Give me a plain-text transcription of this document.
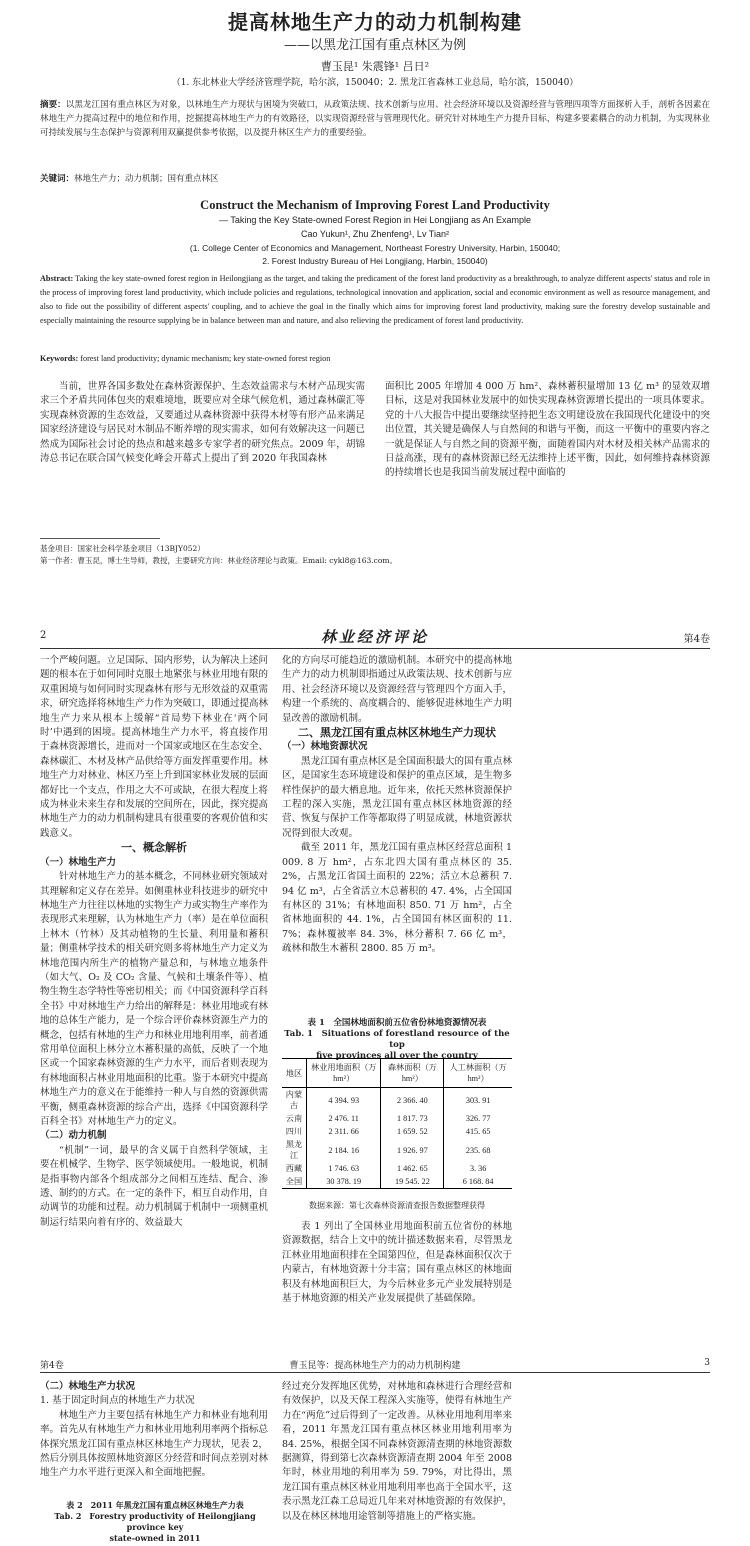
提高林地生产力的动力机制构建
——以黑龙江国有重点林区为例
曹玉昆¹ 朱震锋¹ 吕日²
（1. 东北林业大学经济管理学院，哈尔滨，150040；2. 黑龙江省森林工业总局，哈尔滨，150040）
摘要：以黑龙江国有重点林区为对象，以林地生产力现状与困境为突破口，从政策法规、技术创新与应用、社会经济环境以及资源经营与管理四项等方面探析入手，剖析各因素在林地生产力提高过程中的地位和作用，挖掘提高林地生产力的有效路径，以实现资源经营与管理现代化。研究针对林地生产力提升目标，构建多要素耦合的动力机制，为实现林业可持续发展与生态保护与资源利用双赢提供参考依据，以及提升林区生产力的重要经验。
关键词：林地生产力；动力机制；国有重点林区
Construct the Mechanism of Improving Forest Land Productivity
— Taking the Key State-owned Forest Region in Hei Longjiang as An Example
Cao Yukun¹, Zhu Zhenfeng¹, Lv Tian²
(1. College Center of Economics and Management, Northeast Forestry University, Harbin, 150040;
2. Forest Industry Bureau of Hei Longjiang, Harbin, 150040)
Abstract: Taking the key state-owned forest region in Heilongjiang as the target, and taking the predicament of the forest land productivity as a breakthrough, to analyze different aspects' status and role in the process of improving forest land productivity, which include policies and regulations, technological innovation and application, social and economic environment as well as resource management, and also to fide out the possibility of different aspects' coupling, and to achieve the goal in the finally which aims for improving forest land productivity, making sure the forestry develop sustainable and especially maintaining the resource supplying be in balance between man and nature, and also relieving the predicament of forest land productivity.
Keywords: forest land productivity; dynamic mechanism; key state-owned forest region

当前，世界各国多数处在森林资源保护、生态效益需求与木材产品现实需求三个矛盾共同体包夹的艰难境地，既要应对全球气候危机，通过森林碳汇等实现森林资源的生态效益，又要通过从森林资源中获得木材等有形产品来满足国家经济建设与居民对木制品不断养增的现实需求，如何有效解决这一问题已然成为国际社会讨论的热点和越来越多专家学者的研究焦点。2009 年，胡锦涛总书记在联合国气候变化峰会开幕式上提出了到 2020 年我国森林

面积比 2005 年增加 4 000 万 hm²、森林蓄积量增加 13 亿 m³ 的显效双增目标，这是对我国林业发展中的如快实现森林资源增长提出的一项具体要求。党的十八大报告中提出要继续坚持把生态文明建设放在我国现代化建设中的突出位置，其关键是确保人与自然间的和谐与平衡，而这一平衡中的重要内容之一就是保证人与自然之间的资源平衡，面随着国内对木材及相关林产品需求的日益高涨，现有的森林资源已经无法维持上述平衡，因此，如何维持森林资源的持续增长也是我国当前发展过程中面临的

基金项目：国家社会科学基金项目（13BJY052）
第一作者：曹玉昆，博士生导师，教授，主要研究方向：林业经济理论与政策。Email: cykl8@163.com。
2	林业经济评论	第4卷

一个严峻问题。立足国际、国内形势，认为解决上述问题的根本在于如何同时克服土地紧张与林业用地有限的双重困境与如何同时实现森林有形与无形效益的双重需求，研究选择将林地生产力作为突破口，即通过提高林地生产力来从根本上缓解“首局势下林业在‘两个同时’中遇到的困境。提高林地生产力水平，将直接作用于森林资源增长，进而对一个国家或地区在生态安全、森林碳汇、木材及林产品供给等方面发挥重要作用。林地生产力对林业、林区乃至上升到国家林业发展的层面都好比一个支点，作用之大不可或缺，在很大程度上将成为林业未来生存和发展的空间所在，因此，探究提高林地生产力的动力机制构建具有很重要的客观价值和实践意义。

一、概念解析

（一）林地生产力

针对林地生产力的基本概念，不同林业研究领域对其理解和定义存在差异。如侧重林业科技进步的研究中林地生产力往往以林地的实物生产力或实物生产率作为表现形式来理解，认为林地生产力（率）是在单位面积上林木（竹林）及其动植物的生长量、利用量和蓄积量；侧重林学技术的相关研究则多将林地生产力定义为林地范围内所生产的植物产量总和，与林地立地条件（如大气、O₂ 及 CO₂ 含量、气候和土壤条件等）、植物生物生态学特性等密切相关；而《中国资源科学百科全书》中对林地生产力给出的解释是：林业用地或有林地的总体生产能力，是一个综合评价森林资源生产力的概念，包括有林地的生产力和林业用地利用率，前者通常用单位面积上林分立木蓄积量的高低，反映了一个地区或一个国家森林资源的生产力水平，而后者则表现为有林地面积占林业用地面积的比重。鉴于本研究中提高林地生产力的意义在于能维持一种人与自然的资源供需平衡，侧重森林资源的综合产出，选择《中国资源科学百科全书》对林地生产力的定义。

（二）动力机制

“机制”一词，最早的含义属于自然科学领域，主要在机械学、生物学、医学领域使用。一般地说，机制是指事物内部各个组成部分之间相互连结、配合、渗透、制约的方式。在一定的条件下，相互自动作用，自动调节的功能和过程。动力机制属于机制中一项侧重机制运行结果向着有序的、效益最大

化的方向尽可能趋近的激励机制。本研究中的提高林地生产力的动力机制即指通过从政策法规、技术创新与应用、社会经济环境以及资源经营与管理四个方面入手，构建一个系统的、高度耦合的、能够促进林地生产力明显改善的激励机制。

二、黑龙江国有重点林区林地生产力现状

（一）林地资源状况

黑龙江国有重点林区是全国面积最大的国有重点林区，是国家生态环境建设和保护的重点区域，是生物多样性保护的最大栖息地。近年来，依托天然林资源保护工程的深入实施，黑龙江国有重点林区林地资源的经营、恢复与保护工作等都取得了明显成就，林地资源状况得到很大改观。

截至 2011 年，黑龙江国有重点林区经营总面积 1 009. 8 万 hm²，占东北四大国有重点林区的 35. 2%，占黑龙江省国土面积的 22%；活立木总蓄积 7. 94 亿 m³，占全省活立木总蓄积的 47. 4%，占全国国有林区的 31%；有林地面积 850. 71 万 hm²，占全省林地面积的 44. 1%，占全国国有林区面积的 11. 7%；森林覆被率 84. 3%，林分蓄积 7. 66 亿 m³，疏林和散生木蓄积 2800. 85 万 m³。

表 1　全国林地面积前五位省份林地资源情况表
Tab. 1　Situations of forestland resource of the top
five provinces all over the country
地区	林业用地面积（万 hm²）	森林面积（万 hm²）	人工林面积（万 hm²）
内蒙古	4 394. 93	2 366. 40	303. 91
云南	2 476. 11	1 817. 73	326. 77
四川	2 311. 66	1 659. 52	415. 65
黑龙江	2 184. 16	1 926. 97	235. 68
西藏	1 746. 63	1 462. 65	3. 36
全国	30 378. 19	19 545. 22	6 168. 84
数据来源：第七次森林资源清查报告数据整理获得

表 1 列出了全国林业用地面积前五位省份的林地资源数据，结合上文中的统计描述数据来看，尽管黑龙江林业用地面积排在全国第四位，但是森林面积仅次于内蒙古，有林地资源十分丰富；国有重点林区的林地面积及有林地面积巨大，为今后林业多元产业发展特别是基于林地资源的相关产业发展提供了基础保障。

第4卷	曹玉昆等：提高林地生产力的动力机制构建	3

（二）林地生产力状况

1. 基于固定时间点的林地生产力状况

林地生产力主要包括有林地生产力和林业有地利用率。首先从有林地生产力和林业用地利用率两个指标总体探究黑龙江国有重点林区林地生产力现状，见表 2，然后分别具体按照林地资源区分经营和时间点差别对林地生产力水平进行更深入和全面地把握。

表 2　2011 年黑龙江国有重点林区林地生产力表
Tab. 2　Forestry productivity of Heilongjiang province key
state-owned in 2011

经过充分发挥地区优势，对林地和森林进行合理经营和有效保护，以及天保工程深入实施等，使得有林地生产力在“两危”过后得到了一定改善。从林业用地利用率来看，2011 年黑龙江国有重点林区林业用地利用率为 84. 25%，根据全国不同森林资源清查期的林地资源数据测算，得到第七次森林资源清查期 2004 年至 2008 年时，林业用地的利用率为 59. 79%，对比得出，黑龙江国有重点林区林业用地利用率也高于全国水平，这表示黑龙江森工总局近几年来对林地资源的有效保护，以及在林区林地用途管制等措施上的严格实施。
